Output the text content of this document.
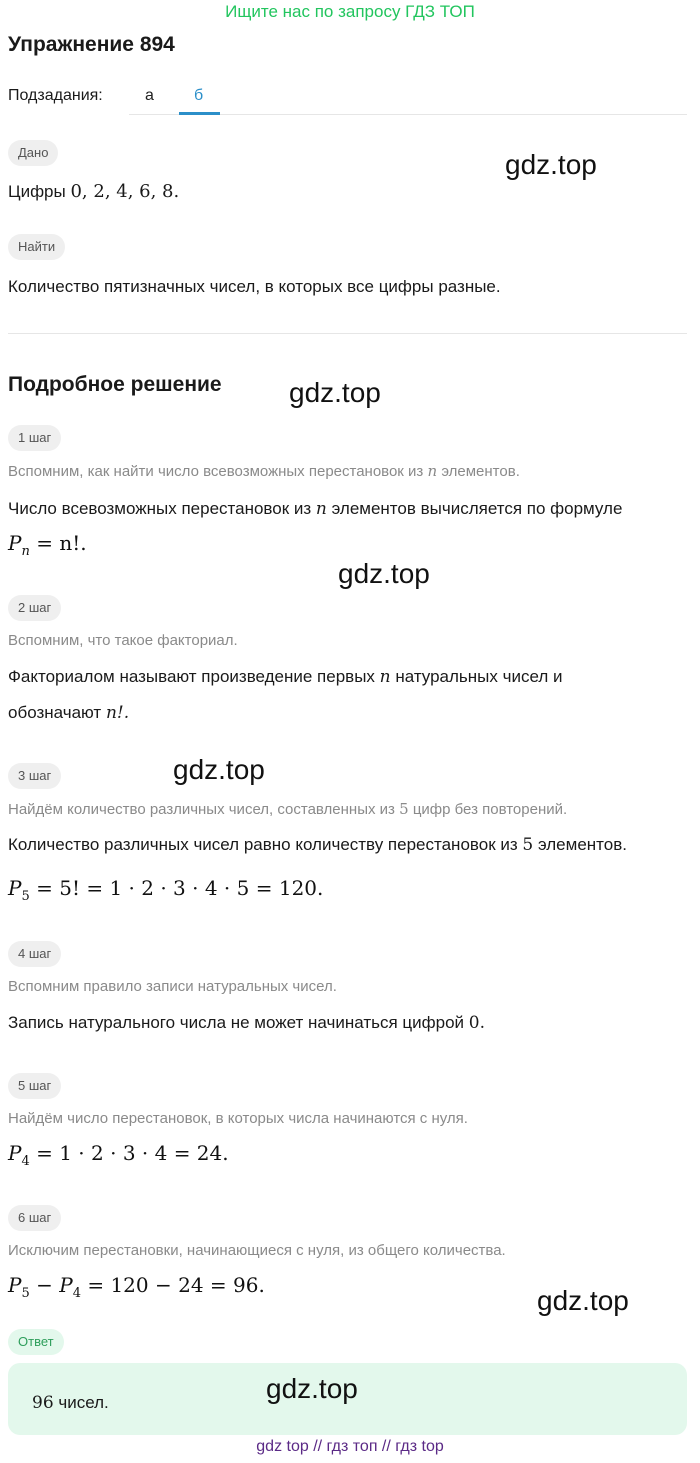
Ищите нас по запросу ГДЗ ТОП
Упражнение 894
Подзадания:	а	б
Дано
Цифры 0, 2, 4, 6, 8.
Найти
Количество пятизначных чисел, в которых все цифры разные.
Подробное решение
1 шаг
Вспомним, как найти число всевозможных перестановок из n элементов.
Число всевозможных перестановок из n элементов вычисляется по формуле
$P_n = n$!.
2 шаг
Вспомним, что такое факториал.
Факториалом называют произведение первых n натуральных чисел и
обозначают n!.
3 шаг
Найдём количество различных чисел, составленных из 5 цифр без повторений.
Количество различных чисел равно количеству перестановок из 5 элементов.
$P_5 = 5$! = 1 · 2 · 3 · 4 · 5 = 120.
4 шаг
Вспомним правило записи натуральных чисел.
Запись натурального числа не может начинаться цифрой 0.
5 шаг
Найдём число перестановок, в которых числа начинаются с нуля.
$P_4 = 1 \cdot 2 \cdot 3 \cdot 4 = 24$.
6 шаг
Исключим перестановки, начинающиеся с нуля, из общего количества.
$P_5 - P_4 = 120 - 24 = 96$.
Ответ
96 чисел.
gdz.top
gdz.top
gdz.top
gdz.top
gdz.top
gdz.top
gdz top // гдз топ // гдз top
